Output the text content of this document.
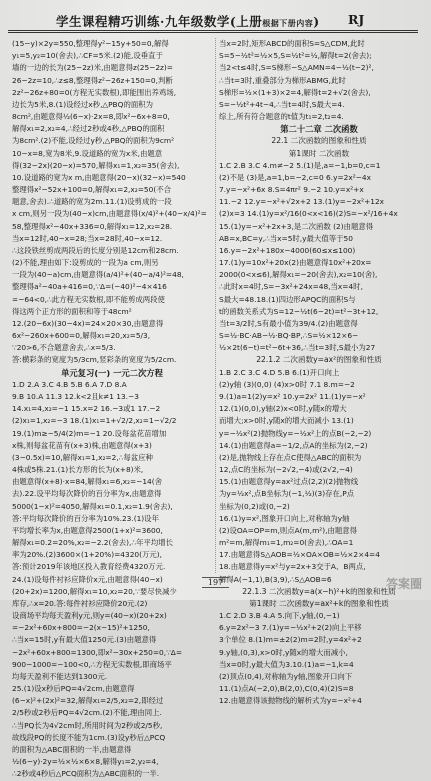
学生课程精巧训练·九年级数学(上册根据下册内容) RJ
(15−y)×2y=550,整理得y²−15y+50=0,解得
y₁=5,y₂=10(舍去),∴CF=5米.(2)能,设垂直于
墙的一边的长为(25−2z)米,由题意得z(25−2z)=
26−2z=10,∴z≤8,整理得z²−26z+150=0,判断
2z²−26z+80=0(方程无实数根),即能围出养鸡场,
边长为5米,8.(1)设经过x秒,△PBQ的面积为
8cm²,由题意得½(6−x)·2x=8,即x²−6x+8=0,
解得x₁=2,x₂=4,∴经过2秒或4秒,△PBQ的面积
为8cm².(2)不能,设经过y秒,△PBQ的面积为9cm²
10−x=8,宽为8米,9.设道路的宽为x米,由题意
得(32−2x)(20−x)=570,解得x₁=1,x₂=35(舍去),
10.设道路的宽为x m,由题意得(20−x)(32−x)=540
整理得x²−52x+100=0,解得x₁=2,x₂=50(不合
题意,舍去).∴道路的宽为2m.11.(1)设剪成的一段
x cm,则另一段为(40−x)cm,由题意得(x/4)²+(40−x/4)²=
58,整理得x²−40x+336=0,解得x₁=12,x₂=28.
当x=12时,40−x=28;当x=28时,40−x=12.
∴这段铁丝剪成两段后的长度分别是12cm和28cm.
(2)不能,理由如下:设剪成的一段为a cm,则另
一段为(40−a)cm,由题意得(a/4)²+(40−a/4)²=48,
整理得a²−40a+416=0,∵Δ=(−40)²−4×416
=−64<0,∴此方程无实数根,即不能剪成两段使
得这两个正方形的面积和等于48cm²
12.(20−6x)(30−4x)=24×20×30,由题意得
6x²−260x+600=0,解得x₁=20,x₂=5/3,
∵20>6,不合题意舍去,∴x=5/3.
答:横彩条的宽度为5/3cm,竖彩条的宽度为5/2cm.
单元复习(一) 一元二次方程
1.D 2.A 3.C 4.B 5.B 6.A 7.D 8.A
9.B 10.A 11.3 12.k<2且k≠1 13.−3
14.x₁=4,x₂=−1 15.x=2 16.−3或1 17.−2
(2)x₁=1,x₂=−3 18.(1)x₁=1+√2/2,x₂=1−√2/2
19.(1)m≥−5/4(2)m=−1 20.设每盆花苗增加
x株,则每盆花苗有(x+3)株,由题意得(x+3)
(3−0.5x)=10,解得x₁=1,x₂=2,∴每盆应种
4株或5株.21.(1)长方形的长为(x+8)米,
由题意得(x+8)·x=84,解得x₁=6,x₂=−14(舍
去).22.设平均每次降价的百分率为x,由题意得
5000(1−x)²=4050,解得x₁=0.1,x₂=1.9(舍去),
答:平均每次降价的百分率为10%.23.(1)设年
平均增长率为x,由题意得2500(1+x)²=3600,
解得x₁=0.2=20%,x₂=−2.2(舍去),∴年平均增长
率为20%.(2)3600×(1+20%)=4320(万元),
答:预计2019年该地区投入教育经费4320万元.
24.(1)设每件衬衫应降价x元,由题意得(40−x)
(20+2x)=1200,解得x₁=10,x₂=20,∵要尽快减少
库存,∴x=20.答:每件衬衫应降价20元.(2)
设商场平均每天盈利y元,则y=(40−x)(20+2x)
=−2x²+60x+800=−2(x−15)²+1250,
∴当x=15时,y有最大值1250元.(3)由题意得
−2x²+60x+800=1300,即x²−30x+250=0,∵Δ=
900−1000=−100<0,∴方程无实数根,即商场平
均每天盈利不能达到1300元.
25.(1)设x秒后PQ=4√2cm,由题意得
(6−x)²+(2x)²=32,解得x₁=2/5,x₂=2,即经过
2/5秒或2秒后PQ=4√2cm.(2)不能,理由同上.
∴当PQ长为4√2cm时,所用时间为2秒或2/5秒,
故线段PQ的长度不能为1cm.(3)设y秒后△PCQ
的面积为△ABC面积的一半,由题意得
½(6−y)·2y=½×½×6×8,解得y₁=2,y₂=4,
∴2秒或4秒后△PCQ面积为△ABC面积的一半.
当x=2时,矩形ABCD的面积S=S△CDM,此时
S=5−½t²=½×5,S=½t²=½,解得t=2(舍去);
当2<t≤4时,S=S梯形−S△AMN=4−½(t−2)²,
∴当t=3时,重叠部分为梯形ABMG,此时
S梯形=½×(1+3)×2=4,解得t=2+√2(舍去),
S=−½t²+4t−4,∴当t=4时,S最大=4.
综上,所有符合题意的t值为t₁=2,t₂=4.
第二十二章 二次函数
22.1 二次函数的图象和性质
第1课时 二次函数
1.C 2.B 3.C 4.m≠−2 5.(1)是,a=−1,b=0,c=1
(2)不是 (3)是,a=1,b=−2,c=0 6.y=2x²−4x
7.y=−x²+6x 8.S=4πr² 9.−2 10.y=x²+x
11.−2 12.y=−x²+√2x+2 13.(1)y=−2x²+12x
(2)x=3 14.(1)y=x²/16(0<x<16)(2)S=−x²/16+4x
15.(1)y=−x²+2x+3,是二次函数 (2)由题意得
AB=x,BC=y,∴当x=5时,y最大值等于50
16.y=−2x²+180x−4000(60≤x≤100)
17.(1)y=10x²+20x(2)由题意得10x²+20x=
2000(0<x≤6),解得x₁=−20(舍去),x₂=10(舍),
∴此时x=4时,S=−3x²+24x=48,当x=4时,
S最大=48.18.(1)四边形APQC的面积S与
t的函数关系式为S=12−½t(6−2t)=t²−3t+12,
当t=3/2时,S有最小值为39/4.(2)由题意得
S=½·BC·AB−½·BQ·BP,∴S=½×12×6−
½×2t(6−t)=t²−6t+36,∴当t=3时,S最小为27
22.1.2 二次函数y=ax²的图象和性质
1.B 2.C 3.C 4.D 5.B 6.(1)开口向上
(2)y轴 (3)(0,0) (4)x>0时 7.1 8.m=−2
9.(1)a=1(2)y=x² 10.y=2x² 11.(1)y=−x²
12.(1)(0,0),y轴(2)x<0时,y随x的增大
而增大;x>0时,y随x的增大而减小 13.(1)
y=−½x²(2)抛物线y=−½x²上的点B(−2,−2)
14.(1)由题意得a=−1/2,点A的坐标为(2,−2)
(2)是,抛物线上存在点C使得△ABC的面积为
12,点C的坐标为(−2√2,−4)或(2√2,−4)
15.(1)由题意得y=ax²过点(2,2)(2)抛物线
为y=½x²,点B坐标为(−1,½)(3)存在,P点
坐标为(0,2)或(0,−2)
16.(1)y=x²,图象开口向上,对称轴为y轴
(2)设OA=OP=m,则点A(m,m²),由题意得
m²=m,解得m₁=1,m₂=0(舍去),∴OA=1
17.由题意得S△AOB=½×OA×OB=½×2×4=4
18.由题意得y=x²与y=2x+3交于A、B两点,
解得A(−1,1),B(3,9),∴S△AOB=6
22.1.3 二次函数y=a(x−h)²+k的图象和性质
第1课时 二次函数y=ax²+k的图象和性质
1.C 2.D 3.B 4.A 5.向下,y轴,(0,−1)
6.y=2x²−3 7.(1)y=−½x²+2(2)向上平移
3个单位 8.(1)m=±2(2)m=2时,y=4x²+2
9.y轴,(0,3),x>0时,y随x的增大而减小,
当x=0时,y最大值为3.10.(1)a=−1,k=4
(2)顶点(0,4),对称轴为y轴,图象开口向下
11.(1)点A(−2,0),B(2,0),C(0,4)(2)S=8
12.由题意得该抛物线的解析式为y=−x²+4
197	答案圈
